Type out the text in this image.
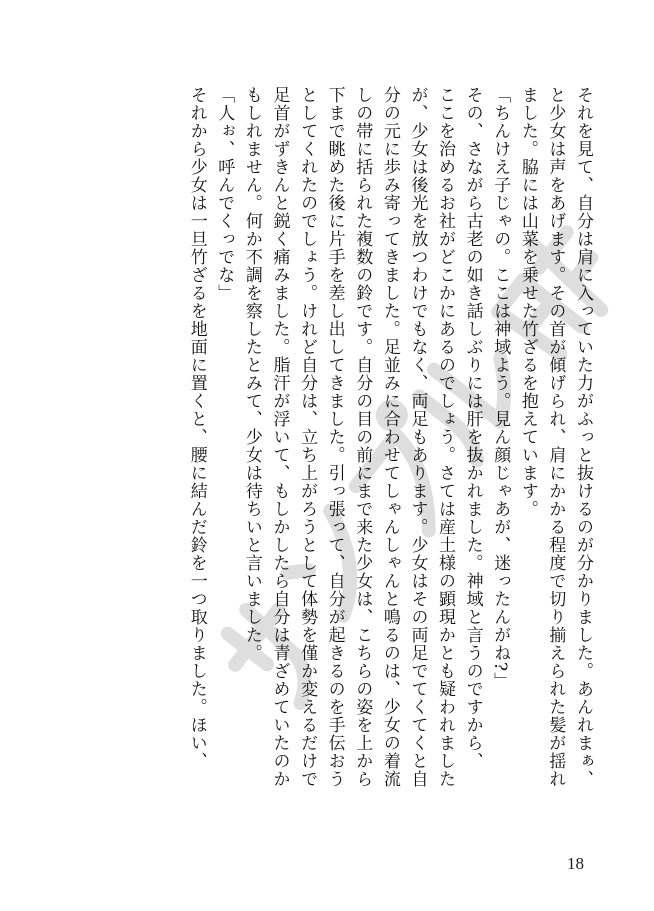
それを見て、自分は肩に入っていた力がふっと抜けるのが分かりました。あんれまぁ、
と少女は声をあげます。その首が傾げられ、肩にかかる程度で切り揃えられた髪が揺れ
ました。脇には山菜を乗せた竹ざるを抱えています。
「ちんけえ子じゃの。ここは神域よう。見ん顔じゃあが、迷ったんがね?」
その、さながら古老の如き話しぶりには肝を抜かれました。神域と言うのですから、
ここを治めるお社がどこかにあるのでしょう。さては産土様の顕現かとも疑われました
が、少女は後光を放つわけでもなく、両足もあります。少女はその両足でてくてくと自
分の元に歩み寄ってきました。足並みに合わせてしゃんしゃんと鳴るのは、少女の着流
しの帯に括られた複数の鈴です。自分の目の前にまで来た少女は、こちらの姿を上から
下まで眺めた後に片手を差し出してきました。引っ張って、自分が起きるのを手伝おう
としてくれたのでしょう。けれど自分は、立ち上がろうとして体勢を僅か変えるだけで
足首がずきんと鋭く痛みました。脂汗が浮いて、もしかしたら自分は青ざめていたのか
もしれません。何か不調を察したとみて、少女は待ちいと言いました。
「人ぉ、呼んでくっでな」
それから少女は一旦竹ざるを地面に置くと、腰に結んだ鈴を一つ取りました。ほい、
18
